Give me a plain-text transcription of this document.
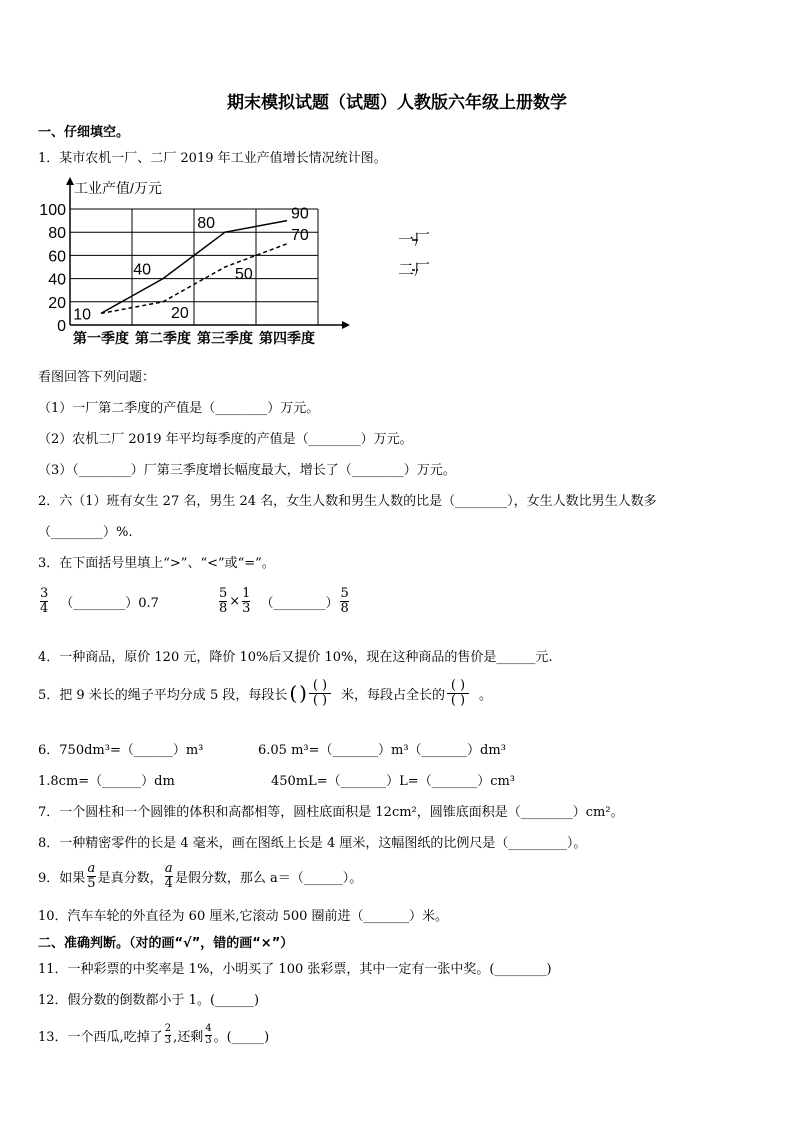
期末模拟试题（试题）人教版六年级上册数学
一、仔细填空。
1．某市农机一厂、二厂 2019 年工业产值增长情况统计图。
工业产值/万元
一厂
二厂
0
20
40
60
80
100
第一季度 第二季度 第三季度 第四季度
10
40
80
90
20
50
70
看图回答下列问题：
（1）一厂第二季度的产值是（________）万元。
（2）农机二厂 2019 年平均每季度的产值是（________）万元。
（3）（________）厂第三季度增长幅度最大，增长了（________）万元。
2．六（1）班有女生 27 名，男生 24 名，女生人数和男生人数的比是（________），女生人数比男生人数多
（________）%.
3．在下面括号里填上“>”、“<”或“=”。
$\frac{3}{4}$ （________）0.7	$\frac{5}{8} \times \frac{1}{3}$ （________） $\frac{5}{8}$
4．一种商品，原价 120 元，降价 10%后又提价 10%，现在这种商品的售价是______元.
5．把 9 米长的绳子平均分成 5 段，每段长 ( ) ( )
( ) 米，每段占全长的 $\frac{( )}{( )}$ 。
6．750dm³=（______）m³	6.05 m³=（_______）m³（_______）dm³
1.8cm=（______）dm	450mL=（_______）L=（_______）cm³
7．一个圆柱和一个圆锥的体积和高都相等，圆柱底面积是 12cm²，圆锥底面积是（________）cm²。
8．一种精密零件的长是 4 毫米，画在图纸上长是 4 厘米，这幅图纸的比例尺是（_________）。
9．如果 $\frac{a}{5}$ 是真分数， $\frac{a}{4}$ 是假分数，那么 a＝（______）。
10．汽车车轮的外直径为 60 厘米,它滚动 500 圈前进（_______）米。
二、准确判断。（对的画“√”，错的画“×”）
11．一种彩票的中奖率是 1%，小明买了 100 张彩票，其中一定有一张中奖。(________)
12．假分数的倒数都小于 1。(______)
13．一个西瓜,吃掉了 $\frac{2}{3}$ ,还剩 $\frac{4}{3}$ 。(_____)
